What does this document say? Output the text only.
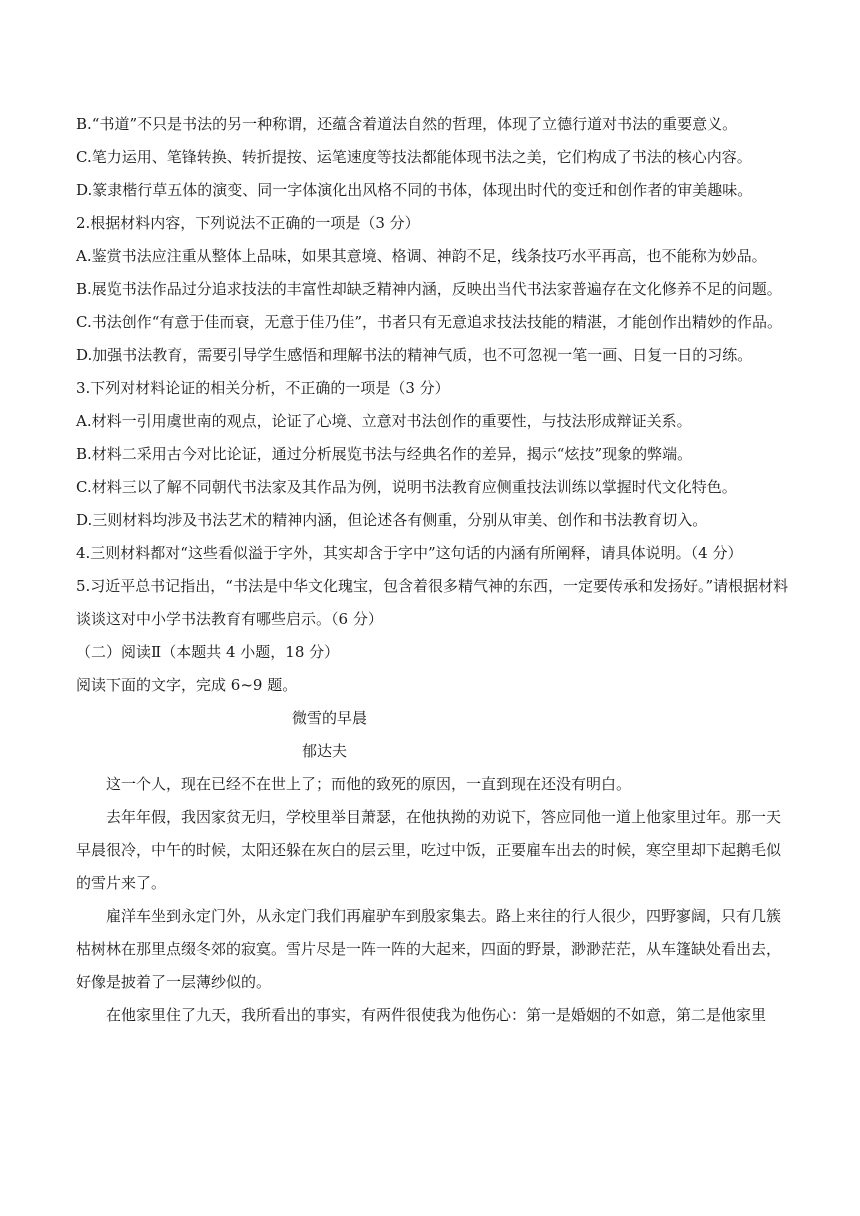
B.“书道”不只是书法的另一种称谓，还蕴含着道法自然的哲理，体现了立德行道对书法的重要意义。

C.笔力运用、笔锋转换、转折提按、运笔速度等技法都能体现书法之美，它们构成了书法的核心内容。

D.篆隶楷行草五体的演变、同一字体演化出风格不同的书体，体现出时代的变迁和创作者的审美趣味。

2.根据材料内容，下列说法不正确的一项是（3 分）

A.鉴赏书法应注重从整体上品味，如果其意境、格调、神韵不足，线条技巧水平再高，也不能称为妙品。

B.展览书法作品过分追求技法的丰富性却缺乏精神内涵，反映出当代书法家普遍存在文化修养不足的问题。

C.书法创作“有意于佳而衰，无意于佳乃佳”，书者只有无意追求技法技能的精湛，才能创作出精妙的作品。

D.加强书法教育，需要引导学生感悟和理解书法的精神气质，也不可忽视一笔一画、日复一日的习练。

3.下列对材料论证的相关分析，不正确的一项是（3 分）

A.材料一引用虞世南的观点，论证了心境、立意对书法创作的重要性，与技法形成辩证关系。

B.材料二采用古今对比论证，通过分析展览书法与经典名作的差异，揭示“炫技”现象的弊端。

C.材料三以了解不同朝代书法家及其作品为例，说明书法教育应侧重技法训练以掌握时代文化特色。

D.三则材料均涉及书法艺术的精神内涵，但论述各有侧重，分别从审美、创作和书法教育切入。

4.三则材料都对“这些看似溢于字外，其实却含于字中”这句话的内涵有所阐释，请具体说明。（4 分）

5.习近平总书记指出，“书法是中华文化瑰宝，包含着很多精气神的东西，一定要传承和发扬好。”请根据材料谈谈这对中小学书法教育有哪些启示。（6 分）

（二）阅读Ⅱ（本题共 4 小题，18 分）

阅读下面的文字，完成 6~9 题。

微雪的早晨

郁达夫

这一个人，现在已经不在世上了；而他的致死的原因，一直到现在还没有明白。

去年年假，我因家贫无归，学校里举目萧瑟，在他执拗的劝说下，答应同他一道上他家里过年。那一天早晨很冷，中午的时候，太阳还躲在灰白的层云里，吃过中饭，正要雇车出去的时候，寒空里却下起鹅毛似的雪片来了。

雇洋车坐到永定门外，从永定门我们再雇驴车到殷家集去。路上来往的行人很少，四野寥阔，只有几簇枯树林在那里点缀冬郊的寂寞。雪片尽是一阵一阵的大起来，四面的野景，渺渺茫茫，从车篷缺处看出去，好像是披着了一层薄纱似的。

在他家里住了九天，我所看出的事实，有两件很使我为他伤心：第一是婚姻的不如意，第二是他家里
